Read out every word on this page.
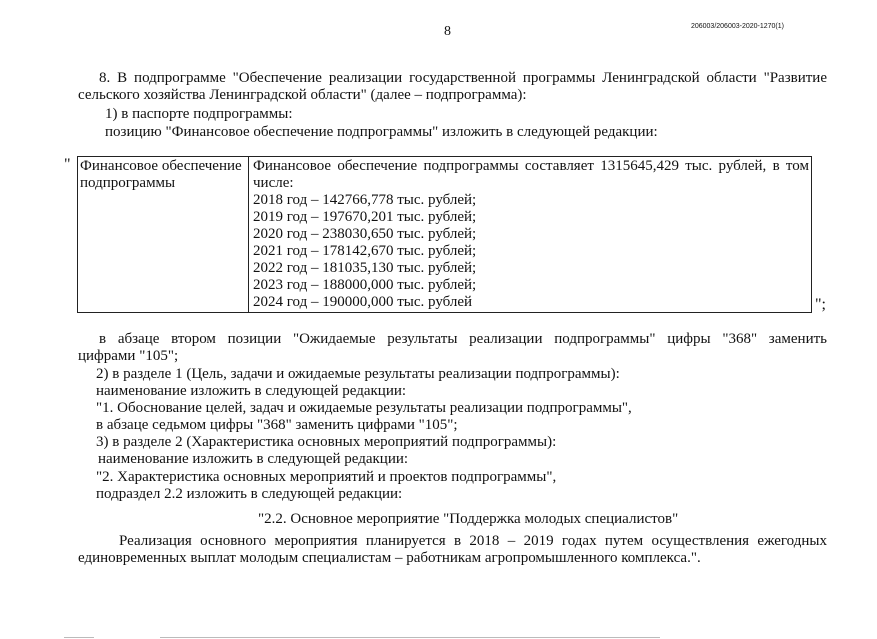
206003/206003-2020-1270(1)
8
8. В подпрограмме "Обеспечение реализации государственной программы Ленинградской области "Развитие
сельского хозяйства Ленинградской области" (далее – подпрограмма):
1) в паспорте подпрограммы:
позицию "Финансовое обеспечение подпрограммы" изложить в следующей редакции:
" Финансовое обеспечение подпрограммы	
Финансовое обеспечение подпрограммы составляет 1315645,429 тыс. рублей, в том
числе:
2018 год – 142766,778 тыс. рублей;
2019 год – 197670,201 тыс. рублей;
2020 год – 238030,650 тыс. рублей;
2021 год – 178142,670 тыс. рублей;
2022 год – 181035,130 тыс. рублей;
2023 год – 188000,000 тыс. рублей;
2024 год – 190000,000 тыс. рублей	";
в абзаце втором позиции "Ожидаемые результаты реализации подпрограммы" цифры "368" заменить
цифрами "105";
2) в разделе 1 (Цель, задачи и ожидаемые результаты реализации подпрограммы):
наименование изложить в следующей редакции:
"1. Обоснование целей, задач и ожидаемые результаты реализации подпрограммы",
в абзаце седьмом цифры "368" заменить цифрами "105";
3) в разделе 2 (Характеристика основных мероприятий подпрограммы):
наименование изложить в следующей редакции:
"2. Характеристика основных мероприятий и проектов подпрограммы",
подраздел 2.2 изложить в следующей редакции:
"2.2. Основное мероприятие "Поддержка молодых специалистов"
Реализация основного мероприятия планируется в 2018 – 2019 годах путем осуществления ежегодных
единовременных выплат молодым специалистам – работникам агропромышленного комплекса.".
